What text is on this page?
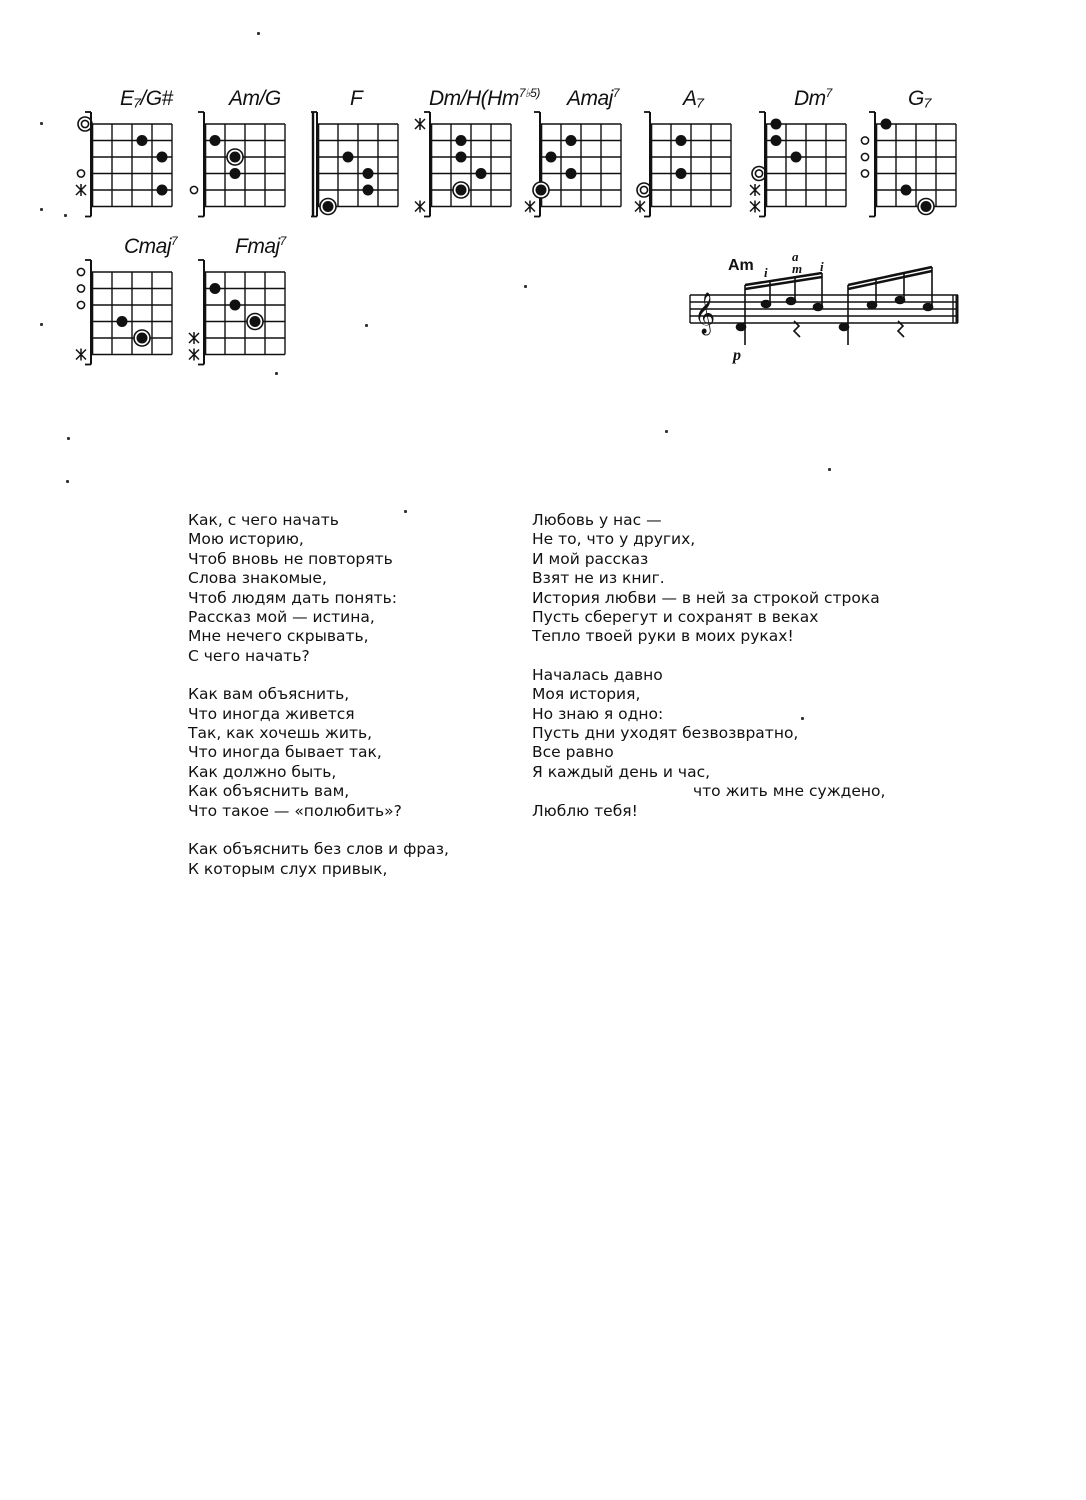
E₇/G#	Am/G	F	$Dm/H(Hm^{7♭5)}$ Amaj$^7$	A₇	Dm$^7$	G₇
Cmaj$^7$	Fmaj$^7$
𝄞
Am i
a
m i
p
Как, с чего начать
Мою историю,
Чтоб вновь не повторять
Слова знакомые,
Чтоб людям дать понять:
Рассказ мой — истина,
Мне нечего скрывать,
С чего начать?
Как вам объяснить,
Что иногда живется
Так, как хочешь жить,
Что иногда бывает так,
Как должно быть,
Как объяснить вам,
Что такое — «полюбить»?
Как объяснить без слов и фраз,
К которым слух привык,
Любовь у нас —
Не то, что у других,
И мой рассказ
Взят не из книг.
История любви — в ней за строкой строка
Пусть сберегут и сохранят в веках
Тепло твоей руки в моих руках!
Началась давно
Моя история,
Но знаю я одно:
Пусть дни уходят безвозвратно,
Все равно
Я каждый день и час,
что жить мне суждено,
Люблю тебя!
